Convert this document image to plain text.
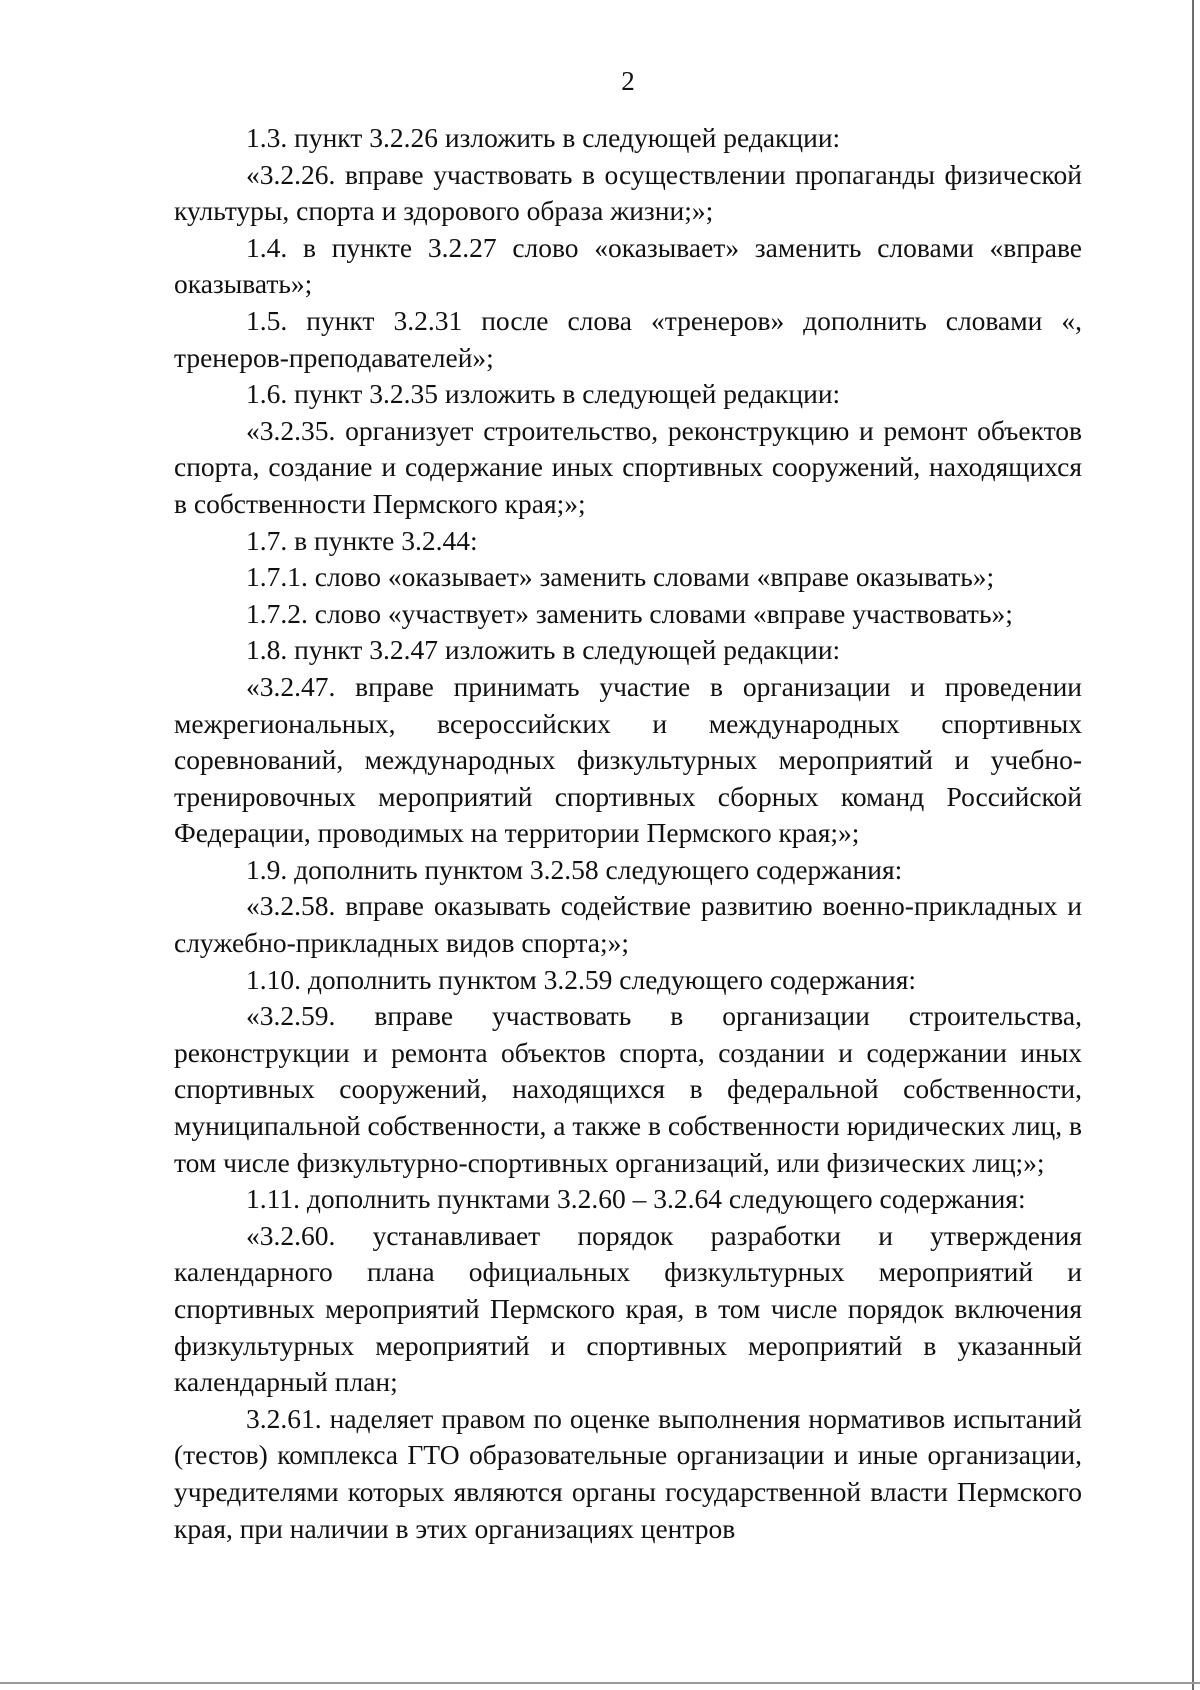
2

1.3. пункт 3.2.26 изложить в следующей редакции:

«3.2.26. вправе участвовать в осуществлении пропаганды физической культуры, спорта и здорового образа жизни;»;

1.4. в пункте 3.2.27 слово «оказывает» заменить словами «вправе оказывать»;

1.5. пункт 3.2.31 после слова «тренеров» дополнить словами «, тренеров-преподавателей»;

1.6. пункт 3.2.35 изложить в следующей редакции:

«3.2.35. организует строительство, реконструкцию и ремонт объектов спорта, создание и содержание иных спортивных сооружений, находящихся в собственности Пермского края;»;

1.7. в пункте 3.2.44:

1.7.1. слово «оказывает» заменить словами «вправе оказывать»;

1.7.2. слово «участвует» заменить словами «вправе участвовать»;

1.8. пункт 3.2.47 изложить в следующей редакции:

«3.2.47. вправе принимать участие в организации и проведении межрегиональных, всероссийских и международных спортивных соревнований, международных физкультурных мероприятий и учебно-тренировочных мероприятий спортивных сборных команд Российской Федерации, проводимых на территории Пермского края;»;

1.9. дополнить пунктом 3.2.58 следующего содержания:

«3.2.58. вправе оказывать содействие развитию военно-прикладных и служебно-прикладных видов спорта;»;

1.10. дополнить пунктом 3.2.59 следующего содержания:

«3.2.59. вправе участвовать в организации строительства, реконструкции и ремонта объектов спорта, создании и содержании иных спортивных сооружений, находящихся в федеральной собственности, муниципальной собственности, а также в собственности юридических лиц, в том числе физкультурно-спортивных организаций, или физических лиц;»;

1.11. дополнить пунктами 3.2.60 – 3.2.64 следующего содержания:

«3.2.60. устанавливает порядок разработки и утверждения календарного плана официальных физкультурных мероприятий и спортивных мероприятий Пермского края, в том числе порядок включения физкультурных мероприятий и спортивных мероприятий в указанный календарный план;

3.2.61. наделяет правом по оценке выполнения нормативов испытаний (тестов) комплекса ГТО образовательные организации и иные организации, учредителями которых являются органы государственной власти Пермского края, при наличии в этих организациях центров
